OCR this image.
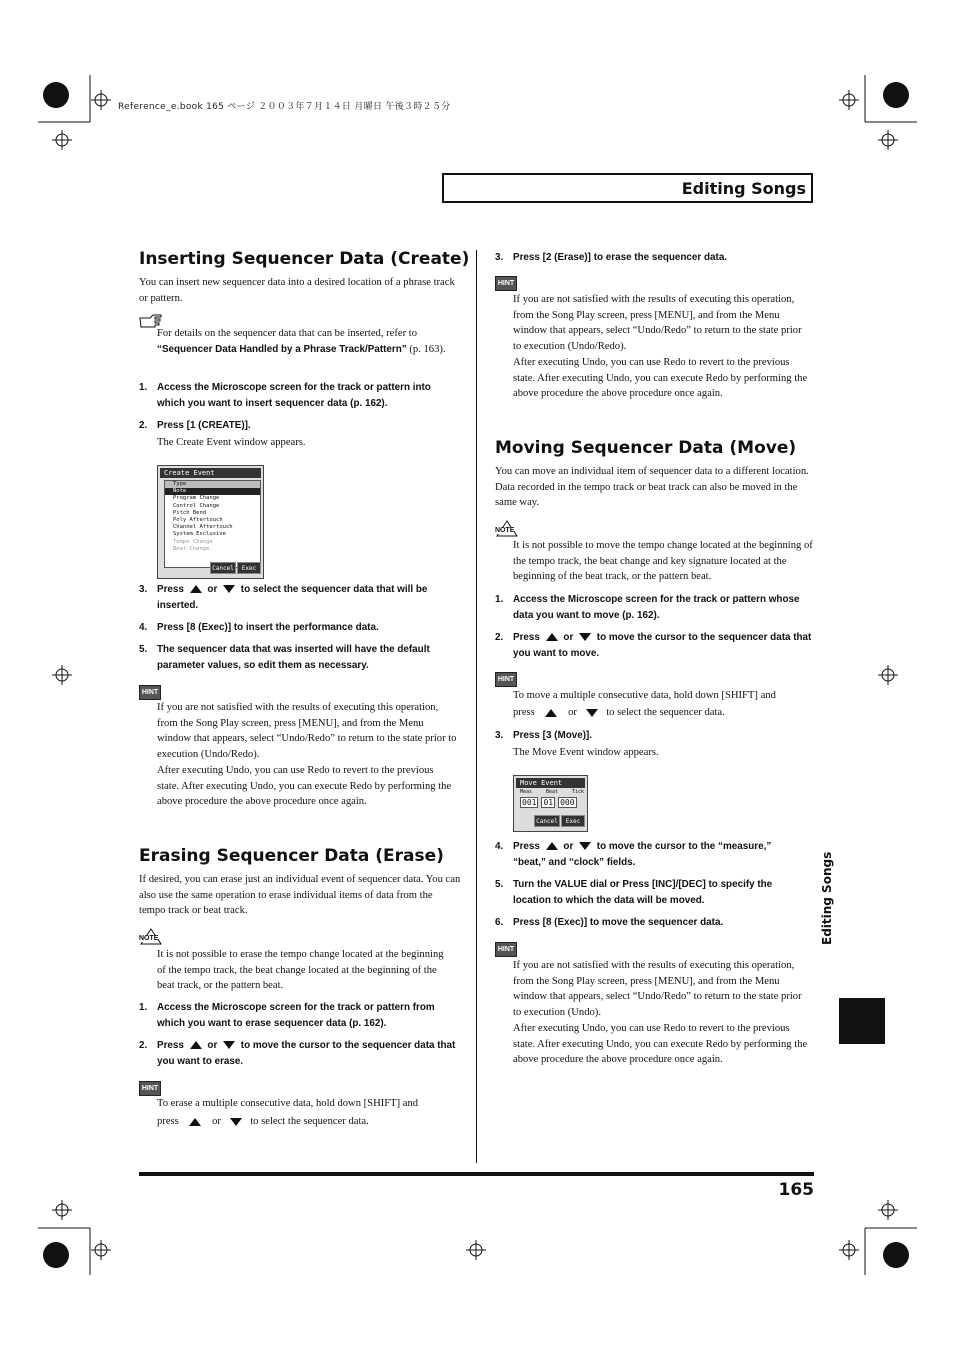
Reference_e.book 165 ページ ２００３年７月１４日 月曜日 午後３時２５分
Editing Songs
Inserting Sequencer Data (Create)
You can insert new sequencer data into a desired location of a phrase track or pattern.
For details on the sequencer data that can be inserted, refer to “Sequencer Data Handled by a Phrase Track/Pattern” (p. 163).
1. Access the Microscope screen for the track or pattern into which you want to insert sequencer data (p. 162).
2. Press [1 (CREATE)].
The Create Event window appears.
Create Event
Type
Note
Program Change
Control Change
Pitch Bend
Poly Aftertouch
Channel Aftertouch
System Exclusive
Tempo Change
Beat Change
Cancel	Exec
3. Press or to select the sequencer data that will be inserted.
4. Press [8 (Exec)] to insert the performance data.
5. The sequencer data that was inserted will have the default parameter values, so edit them as necessary.
HINT
If you are not satisfied with the results of executing this operation, from the Song Play screen, press [MENU], and from the Menu window that appears, select “Undo/Redo” to return to the state prior to execution (Undo/Redo).
After executing Undo, you can use Redo to revert to the previous state. After executing Undo, you can execute Redo by performing the above procedure the above procedure once again.
Erasing Sequencer Data (Erase)
If desired, you can erase just an individual event of sequencer data. You can also use the same operation to erase individual items of data from the tempo track or beat track.
NOTE
It is not possible to erase the tempo change located at the beginning of the tempo track, the beat change located at the beginning of the beat track, or the pattern beat.
1. Access the Microscope screen for the track or pattern from which you want to erase sequencer data (p. 162).
2. Press or to move the cursor to the sequencer data that you want to erase.
HINT
To erase a multiple consecutive data, hold down [SHIFT] and
press	or	to select the sequencer data.
3. Press [2 (Erase)] to erase the sequencer data.
HINT
If you are not satisfied with the results of executing this operation, from the Song Play screen, press [MENU], and from the Menu window that appears, select “Undo/Redo” to return to the state prior to execution (Undo/Redo).
After executing Undo, you can use Redo to revert to the previous state. After executing Undo, you can execute Redo by performing the above procedure the above procedure once again.
Moving Sequencer Data (Move)
You can move an individual item of sequencer data to a different location. Data recorded in the tempo track or beat track can also be moved in the same way.
NOTE
It is not possible to move the tempo change located at the beginning of the tempo track, the beat change and key signature located at the beginning of the beat track, or the pattern beat.
1. Access the Microscope screen for the track or pattern whose data you want to move (p. 162).
2. Press or to move the cursor to the sequencer data that you want to move.
HINT
To move a multiple consecutive data, hold down [SHIFT] and
press	or	to select the sequencer data.
3. Press [3 (Move)].
The Move Event window appears.
Move Event
Meas	Beat	Tick
001 01 000
Cancel	Exec
4. Press or to move the cursor to the “measure,” “beat,” and “clock” fields.
5. Turn the VALUE dial or Press [INC]/[DEC] to specify the location to which the data will be moved.
6. Press [8 (Exec)] to move the sequencer data.
HINT
If you are not satisfied with the results of executing this operation, from the Song Play screen, press [MENU], and from the Menu window that appears, select “Undo/Redo” to return to the state prior to execution (Undo).
After executing Undo, you can use Redo to revert to the previous state. After executing Undo, you can execute Redo by performing the above procedure the above procedure once again.
Editing Songs
165
